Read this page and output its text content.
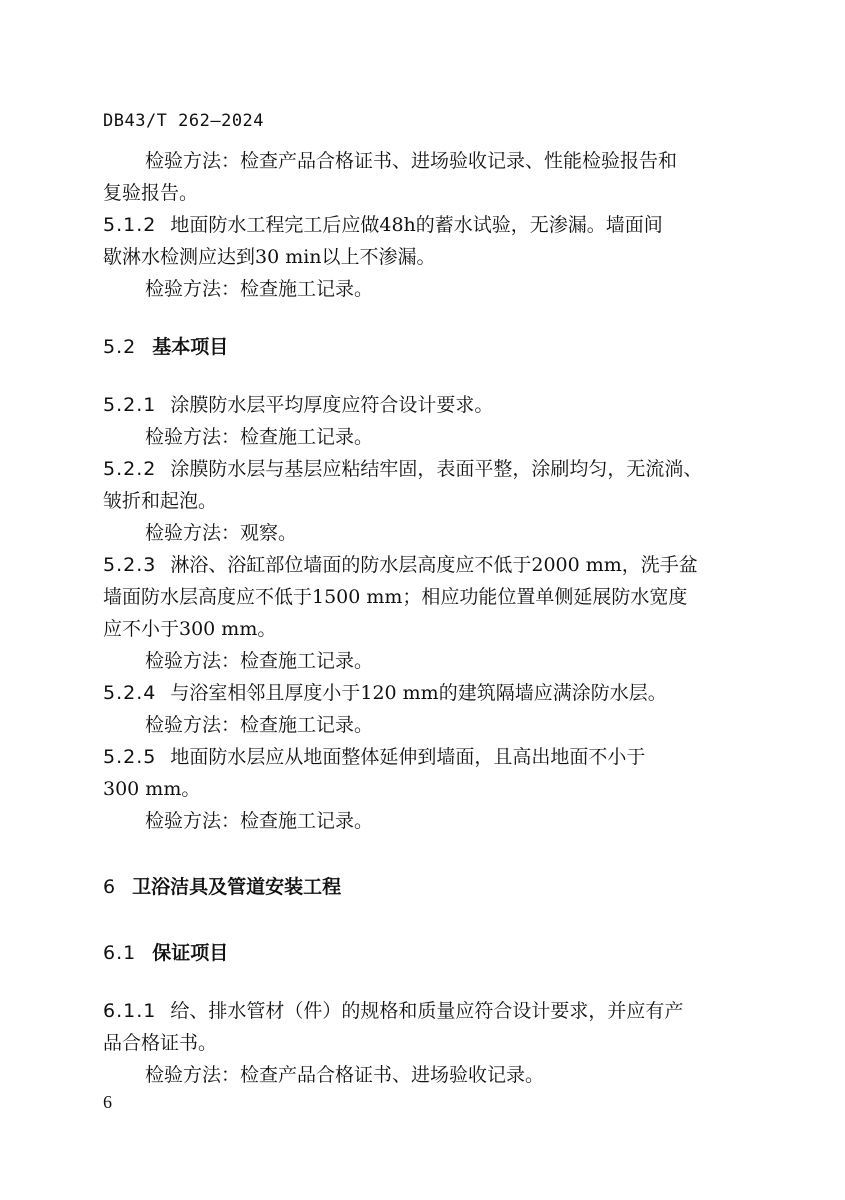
DB43/T 262—2024
检验方法：检查产品合格证书、进场验收记录、性能检验报告和
复验报告。
5.1.2 地面防水工程完工后应做48h的蓄水试验，无渗漏。墙面间
歇淋水检测应达到30 min以上不渗漏。
检验方法：检查施工记录。
5.2 基本项目
5.2.1 涂膜防水层平均厚度应符合设计要求。
检验方法：检查施工记录。
5.2.2 涂膜防水层与基层应粘结牢固，表面平整，涂刷均匀，无流淌、
皱折和起泡。
检验方法：观察。
5.2.3 淋浴、浴缸部位墙面的防水层高度应不低于2000 mm，洗手盆
墙面防水层高度应不低于1500 mm；相应功能位置单侧延展防水宽度
应不小于300 mm。
检验方法：检查施工记录。
5.2.4 与浴室相邻且厚度小于120 mm的建筑隔墙应满涂防水层。
检验方法：检查施工记录。
5.2.5 地面防水层应从地面整体延伸到墙面，且高出地面不小于
300 mm。
检验方法：检查施工记录。
6 卫浴洁具及管道安装工程
6.1 保证项目
6.1.1 给、排水管材（件）的规格和质量应符合设计要求，并应有产
品合格证书。
检验方法：检查产品合格证书、进场验收记录。
6
